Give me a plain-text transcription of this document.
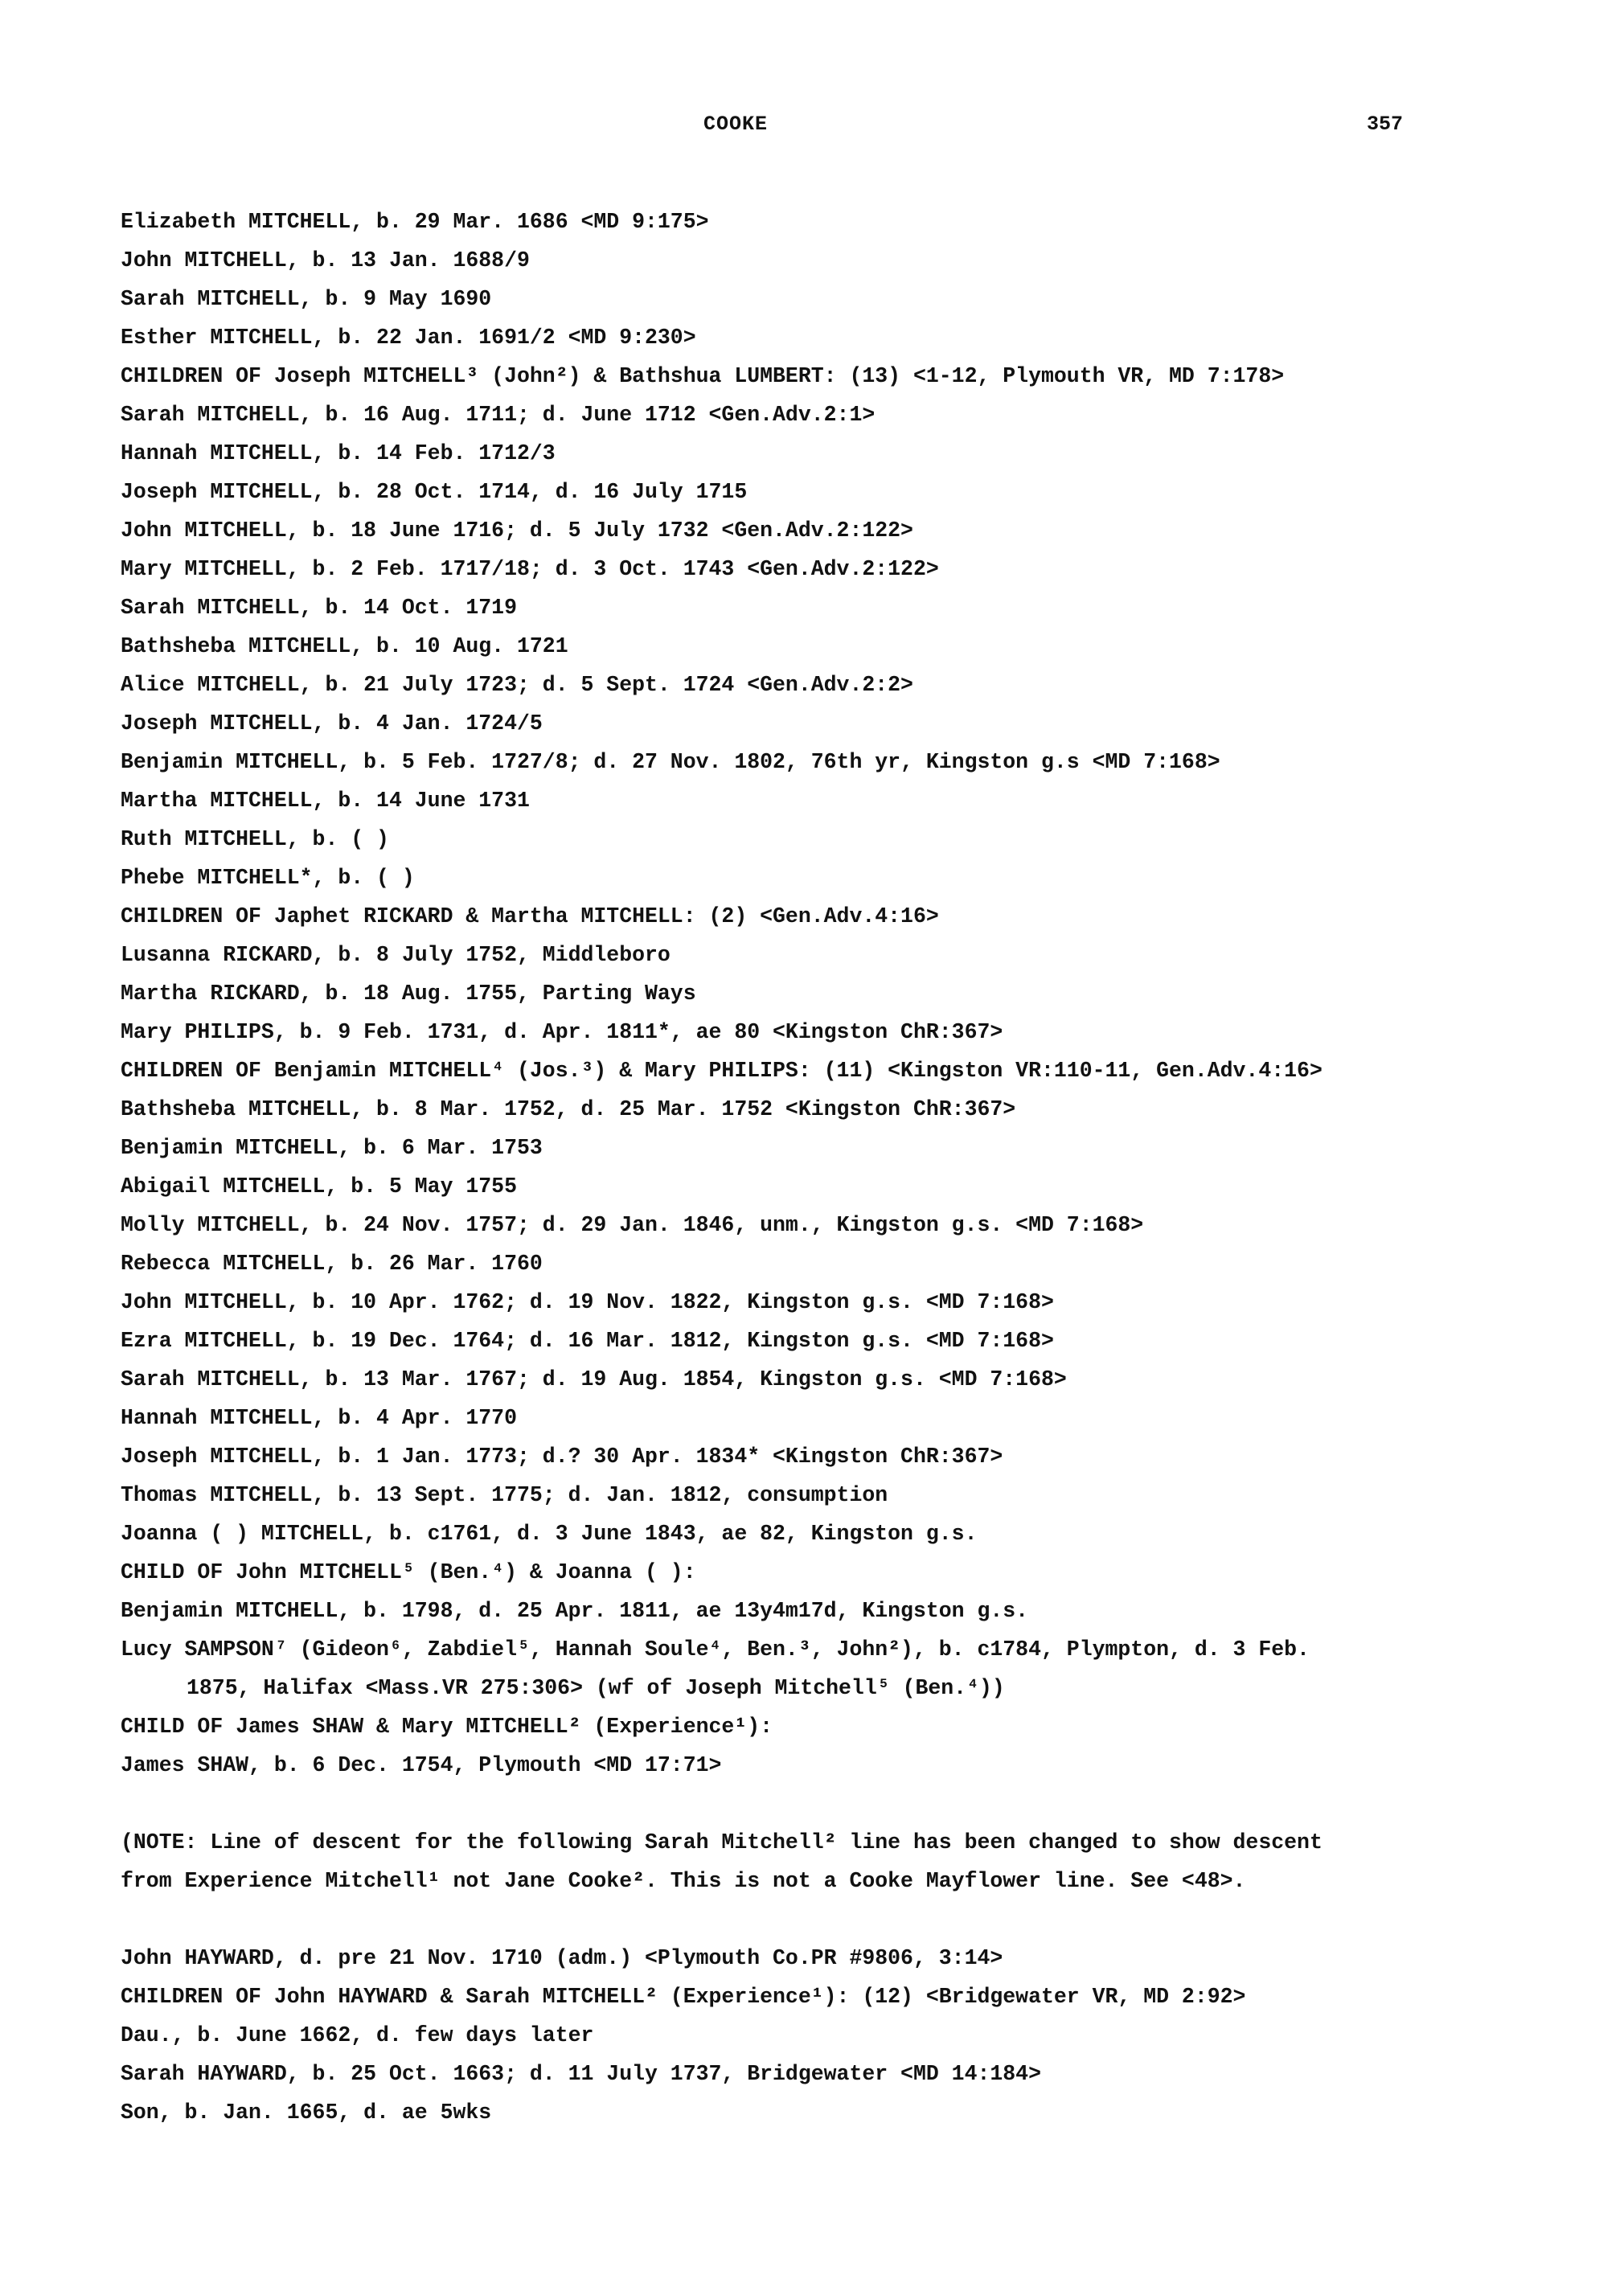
COOKE	357
Elizabeth MITCHELL, b. 29 Mar. 1686 <MD 9:175>
John MITCHELL, b. 13 Jan. 1688/9
Sarah MITCHELL, b. 9 May 1690
Esther MITCHELL, b. 22 Jan. 1691/2 <MD 9:230>
CHILDREN OF Joseph MITCHELL³ (John²) & Bathshua LUMBERT: (13) <1-12, Plymouth VR, MD 7:178>
Sarah MITCHELL, b. 16 Aug. 1711; d. June 1712 <Gen.Adv.2:1>
Hannah MITCHELL, b. 14 Feb. 1712/3
Joseph MITCHELL, b. 28 Oct. 1714, d. 16 July 1715
John MITCHELL, b. 18 June 1716; d. 5 July 1732 <Gen.Adv.2:122>
Mary MITCHELL, b. 2 Feb. 1717/18; d. 3 Oct. 1743 <Gen.Adv.2:122>
Sarah MITCHELL, b. 14 Oct. 1719
Bathsheba MITCHELL, b. 10 Aug. 1721
Alice MITCHELL, b. 21 July 1723; d. 5 Sept. 1724 <Gen.Adv.2:2>
Joseph MITCHELL, b. 4 Jan. 1724/5
Benjamin MITCHELL, b. 5 Feb. 1727/8; d. 27 Nov. 1802, 76th yr, Kingston g.s <MD 7:168>
Martha MITCHELL, b. 14 June 1731
Ruth MITCHELL, b. ( )
Phebe MITCHELL*, b. ( )
CHILDREN OF Japhet RICKARD & Martha MITCHELL: (2) <Gen.Adv.4:16>
Lusanna RICKARD, b. 8 July 1752, Middleboro
Martha RICKARD, b. 18 Aug. 1755, Parting Ways
Mary PHILIPS, b. 9 Feb. 1731, d. Apr. 1811*, ae 80 <Kingston ChR:367>
CHILDREN OF Benjamin MITCHELL⁴ (Jos.³) & Mary PHILIPS: (11) <Kingston VR:110-11, Gen.Adv.4:16>
Bathsheba MITCHELL, b. 8 Mar. 1752, d. 25 Mar. 1752 <Kingston ChR:367>
Benjamin MITCHELL, b. 6 Mar. 1753
Abigail MITCHELL, b. 5 May 1755
Molly MITCHELL, b. 24 Nov. 1757; d. 29 Jan. 1846, unm., Kingston g.s. <MD 7:168>
Rebecca MITCHELL, b. 26 Mar. 1760
John MITCHELL, b. 10 Apr. 1762; d. 19 Nov. 1822, Kingston g.s. <MD 7:168>
Ezra MITCHELL, b. 19 Dec. 1764; d. 16 Mar. 1812, Kingston g.s. <MD 7:168>
Sarah MITCHELL, b. 13 Mar. 1767; d. 19 Aug. 1854, Kingston g.s. <MD 7:168>
Hannah MITCHELL, b. 4 Apr. 1770
Joseph MITCHELL, b. 1 Jan. 1773; d.? 30 Apr. 1834* <Kingston ChR:367>
Thomas MITCHELL, b. 13 Sept. 1775; d. Jan. 1812, consumption
Joanna ( ) MITCHELL, b. c1761, d. 3 June 1843, ae 82, Kingston g.s.
CHILD OF John MITCHELL⁵ (Ben.⁴) & Joanna ( ):
Benjamin MITCHELL, b. 1798, d. 25 Apr. 1811, ae 13y4m17d, Kingston g.s.
Lucy SAMPSON⁷ (Gideon⁶, Zabdiel⁵, Hannah Soule⁴, Ben.³, John²), b. c1784, Plympton, d. 3 Feb.
1875, Halifax <Mass.VR 275:306> (wf of Joseph Mitchell⁵ (Ben.⁴))
CHILD OF James SHAW & Mary MITCHELL² (Experience¹):
James SHAW, b. 6 Dec. 1754, Plymouth <MD 17:71>
(NOTE: Line of descent for the following Sarah Mitchell² line has been changed to show descent
from Experience Mitchell¹ not Jane Cooke². This is not a Cooke Mayflower line. See <48>.
John HAYWARD, d. pre 21 Nov. 1710 (adm.) <Plymouth Co.PR #9806, 3:14>
CHILDREN OF John HAYWARD & Sarah MITCHELL² (Experience¹): (12) <Bridgewater VR, MD 2:92>
Dau., b. June 1662, d. few days later
Sarah HAYWARD, b. 25 Oct. 1663; d. 11 July 1737, Bridgewater <MD 14:184>
Son, b. Jan. 1665, d. ae 5wks
